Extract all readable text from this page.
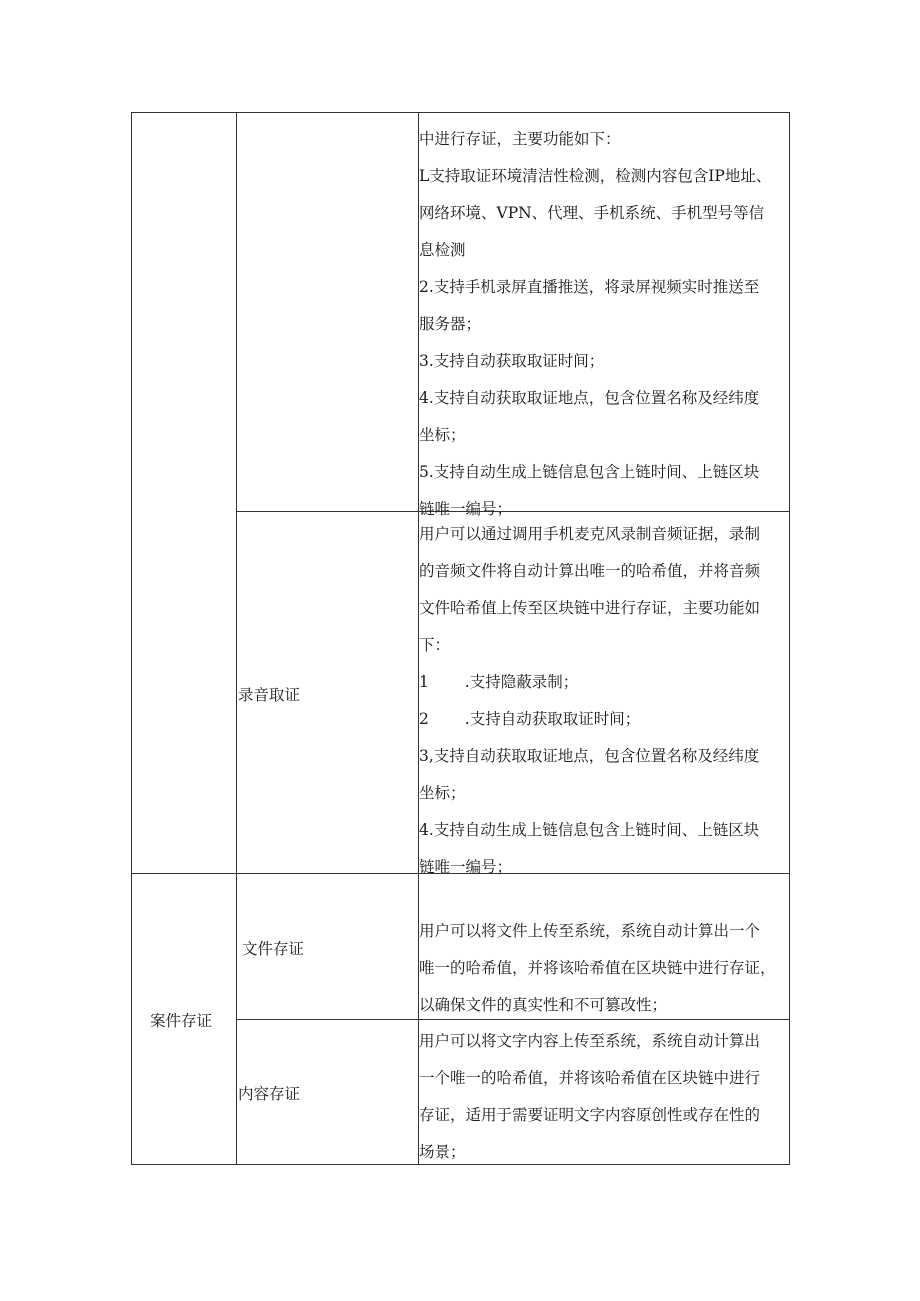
中进行存证，主要功能如下：
L支持取证环境清洁性检测，检测内容包含IP地址、
网络环境、VPN、代理、手机系统、手机型号等信
息检测
2.支持手机录屏直播推送，将录屏视频实时推送至
服务器；
3.支持自动获取取证时间；
4.支持自动获取取证地点，包含位置名称及经纬度
坐标；
5.支持自动生成上链信息包含上链时间、上链区块
链唯一编号；
录音取证
用户可以通过调用手机麦克风录制音频证据，录制
的音频文件将自动计算出唯一的哈希值，并将音频
文件哈希值上传至区块链中进行存证，主要功能如
下：
1　　 .支持隐蔽录制；
2　　 .支持自动获取取证时间；
3,支持自动获取取证地点，包含位置名称及经纬度
坐标；
4.支持自动生成上链信息包含上链时间、上链区块
链唯一编号；
案件存证
文件存证
用户可以将文件上传至系统，系统自动计算出一个
唯一的哈希值，并将该哈希值在区块链中进行存证，
以确保文件的真实性和不可篡改性；
内容存证
用户可以将文字内容上传至系统，系统自动计算出
一个唯一的哈希值，并将该哈希值在区块链中进行
存证，适用于需要证明文字内容原创性或存在性的
场景；
